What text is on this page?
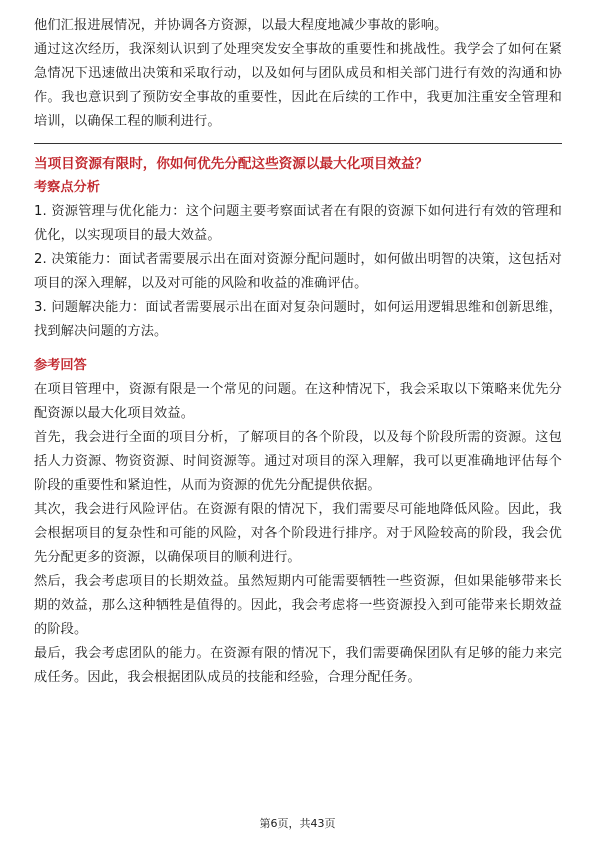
他们汇报进展情况，并协调各方资源，以最大程度地减少事故的影响。

通过这次经历，我深刻认识到了处理突发安全事故的重要性和挑战性。我学会了如何在紧急情况下迅速做出决策和采取行动，以及如何与团队成员和相关部门进行有效的沟通和协作。我也意识到了预防安全事故的重要性，因此在后续的工作中，我更加注重安全管理和培训，以确保工程的顺利进行。

当项目资源有限时，你如何优先分配这些资源以最大化项目效益？
考察点分析

1. 资源管理与优化能力：这个问题主要考察面试者在有限的资源下如何进行有效的管理和优化，以实现项目的最大效益。

2. 决策能力：面试者需要展示出在面对资源分配问题时，如何做出明智的决策，这包括对项目的深入理解，以及对可能的风险和收益的准确评估。

3. 问题解决能力：面试者需要展示出在面对复杂问题时，如何运用逻辑思维和创新思维，找到解决问题的方法。

参考回答

在项目管理中，资源有限是一个常见的问题。在这种情况下，我会采取以下策略来优先分配资源以最大化项目效益。

首先，我会进行全面的项目分析，了解项目的各个阶段，以及每个阶段所需的资源。这包括人力资源、物资资源、时间资源等。通过对项目的深入理解，我可以更准确地评估每个阶段的重要性和紧迫性，从而为资源的优先分配提供依据。

其次，我会进行风险评估。在资源有限的情况下，我们需要尽可能地降低风险。因此，我会根据项目的复杂性和可能的风险，对各个阶段进行排序。对于风险较高的阶段，我会优先分配更多的资源，以确保项目的顺利进行。

然后，我会考虑项目的长期效益。虽然短期内可能需要牺牲一些资源，但如果能够带来长期的效益，那么这种牺牲是值得的。因此，我会考虑将一些资源投入到可能带来长期效益的阶段。

最后，我会考虑团队的能力。在资源有限的情况下，我们需要确保团队有足够的能力来完成任务。因此，我会根据团队成员的技能和经验，合理分配任务。

第6页，共43页
